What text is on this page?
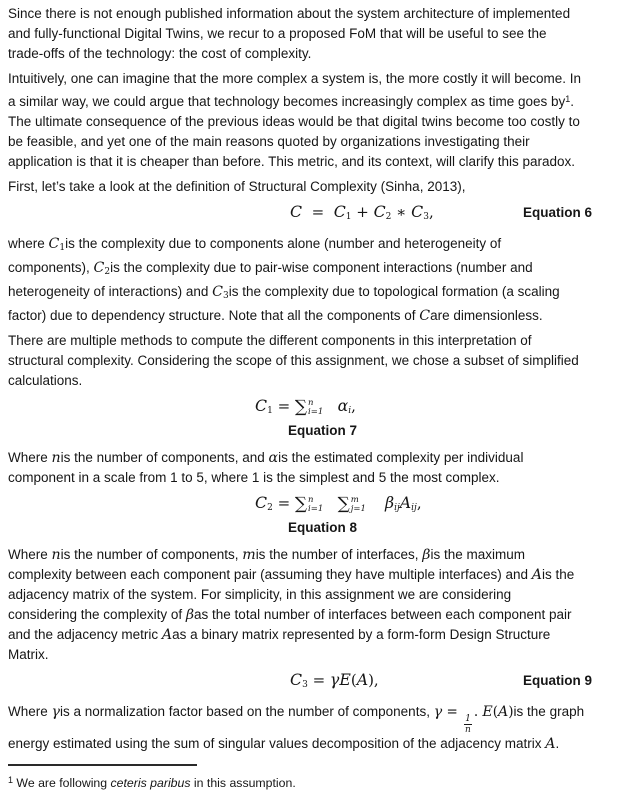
Since there is not enough published information about the system architecture of implemented
and fully-functional Digital Twins, we recur to a proposed FoM that will be useful to see the
trade-offs of the technology: the cost of complexity.

Intuitively, one can imagine that the more complex a system is, the more costly it will become. In
a similar way, we could argue that technology becomes increasingly complex as time goes $by^1$.
The ultimate consequence of the previous ideas would be that digital twins become too costly to
be feasible, and yet one of the main reasons quoted by organizations investigating their
application is that it is cheaper than before. This metric, and its context, will clarify this paradox.

First, let’s take a look at the definition of Structural Complexity (Sinha, 2013),

C  =  C1 + C2 ∗ C3,	Equation 6

where C1is the complexity due to components alone (number and heterogeneity of
components), C2is the complexity due to pair-wise component interactions (number and
heterogeneity of interactions) and C3is the complexity due to topological formation (a scaling
factor) due to dependency structure. Note that all the components of Care dimensionless.

There are multiple methods to compute the different components in this interpretation of
structural complexity. Considering the scope of this assignment, we chose a subset of simplified
calculations.

C1 = ∑ n
i=1 αi,
Equation 7

Where nis the number of components, and αis the estimated complexity per individual
component in a scale from 1 to 5, where 1 is the simplest and 5 the most complex.

C2 = ∑ n
i=1
∑ m
j=1 βijAij,
Equation 8

Where nis the number of components, mis the number of interfaces, βis the maximum
complexity between each component pair (assuming they have multiple interfaces) and Ais the
adjacency matrix of the system. For simplicity, in this assignment we are considering
considering the complexity of βas the total number of interfaces between each component pair
and the adjacency metric Aas a binary matrix represented by a form-form Design Structure
Matrix.

C3 = γE(A),	Equation 9

Where γis a normalization factor based on the number of components, γ =
$\frac{1}{n}$
. E(A)is the graph
energy estimated using the sum of singular values decomposition of the adjacency matrix A.

$^1$ We are following ceteris paribus in this assumption.
